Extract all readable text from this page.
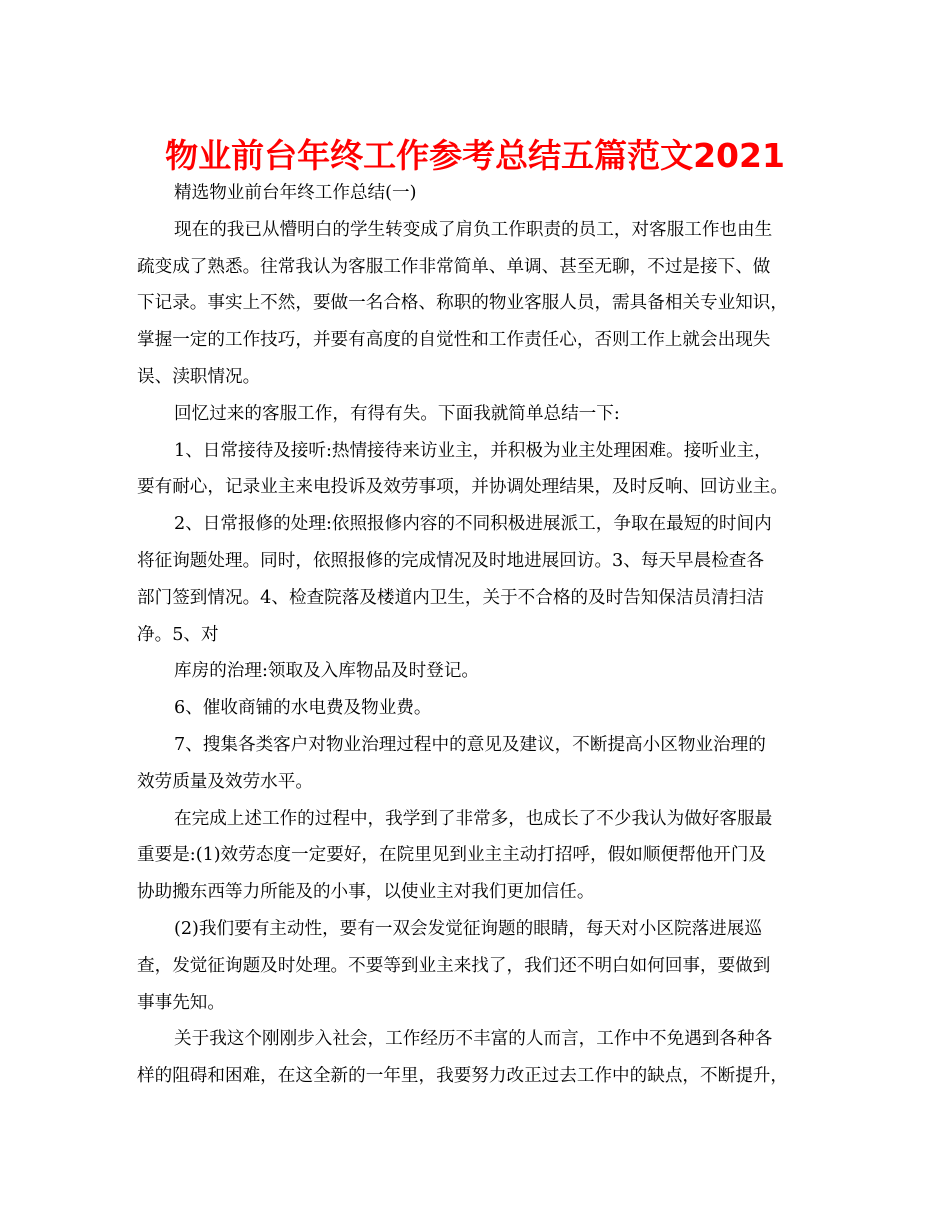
物业前台年终工作参考总结五篇范文2021
精选物业前台年终工作总结(一)
现在的我已从懵明白的学生转变成了肩负工作职责的员工，对客服工作也由生
疏变成了熟悉。往常我认为客服工作非常简单、单调、甚至无聊，不过是接下、做
下记录。事实上不然，要做一名合格、称职的物业客服人员，需具备相关专业知识，
掌握一定的工作技巧，并要有高度的自觉性和工作责任心，否则工作上就会出现失
误、渎职情况。
回忆过来的客服工作，有得有失。下面我就简单总结一下:
1、日常接待及接听:热情接待来访业主，并积极为业主处理困难。接听业主，
要有耐心，记录业主来电投诉及效劳事项，并协调处理结果，及时反响、回访业主。
2、日常报修的处理:依照报修内容的不同积极进展派工，争取在最短的时间内
将征询题处理。同时，依照报修的完成情况及时地进展回访。3、每天早晨检查各
部门签到情况。4、检查院落及楼道内卫生，关于不合格的及时告知保洁员清扫洁
净。5、对
库房的治理:领取及入库物品及时登记。
6、催收商铺的水电费及物业费。
7、搜集各类客户对物业治理过程中的意见及建议，不断提高小区物业治理的
效劳质量及效劳水平。
在完成上述工作的过程中，我学到了非常多，也成长了不少我认为做好客服最
重要是:(1)效劳态度一定要好，在院里见到业主主动打招呼，假如顺便帮他开门及
协助搬东西等力所能及的小事，以使业主对我们更加信任。
(2)我们要有主动性，要有一双会发觉征询题的眼睛，每天对小区院落进展巡
查，发觉征询题及时处理。不要等到业主来找了，我们还不明白如何回事，要做到
事事先知。
关于我这个刚刚步入社会，工作经历不丰富的人而言，工作中不免遇到各种各
样的阻碍和困难，在这全新的一年里，我要努力改正过去工作中的缺点，不断提升，
